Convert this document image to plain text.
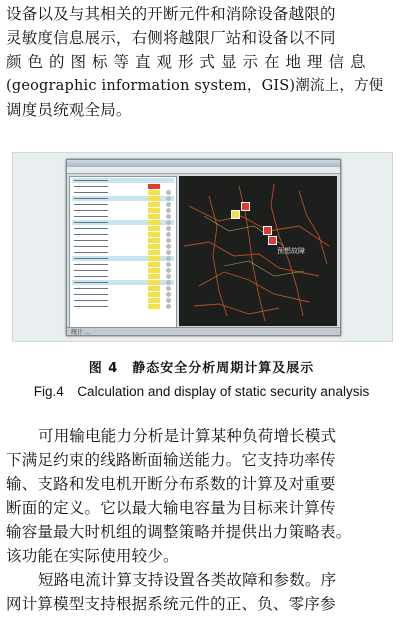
设备以及与其相关的开断元件和消除设备越限的
灵敏度信息展示，右侧将越限厂站和设备以不同
颜色的图标等直观形式显示在地理信息
(geographic information system，GIS)潮流上，方便
调度员统观全局。
预想故障
统计 …
图 4　静态安全分析周期计算及展示
Fig.4　Calculation and display of static security analysis
可用输电能力分析是计算某种负荷增长模式
下满足约束的线路断面输送能力。它支持功率传
输、支路和发电机开断分布系数的计算及对重要
断面的定义。它以最大输电容量为目标来计算传
输容量最大时机组的调整策略并提供出力策略表。
该功能在实际使用较少。
短路电流计算支持设置各类故障和参数。序
网计算模型支持根据系统元件的正、负、零序参
